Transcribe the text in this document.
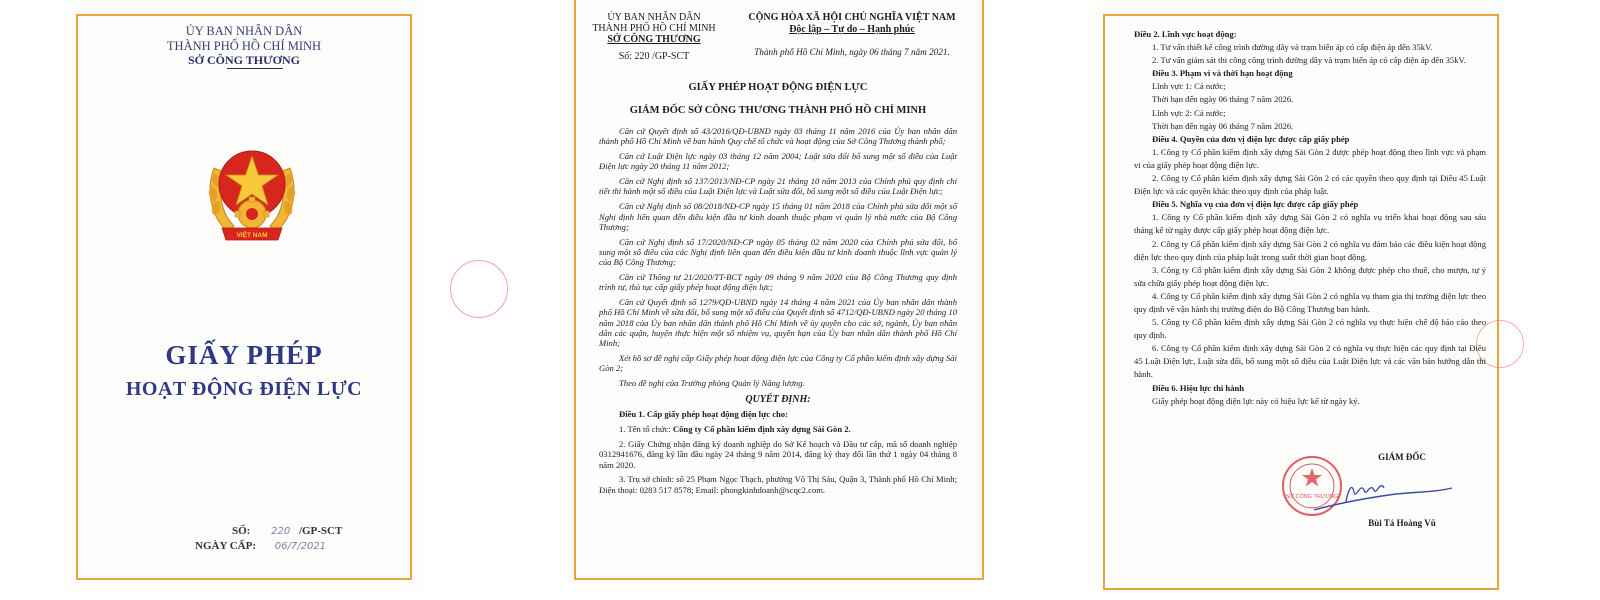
ỦY BAN NHÂN DÂN
THÀNH PHỐ HỒ CHÍ MINH
SỞ CÔNG THƯƠNG
VIỆT NAM
GIẤY PHÉP
HOẠT ĐỘNG ĐIỆN LỰC
SỐ: 220 /GP-SCT
NGÀY CẤP: 06/7/2021
ỦY BAN NHÂN DÂN
THÀNH PHỐ HỒ CHÍ MINH
SỞ CÔNG THƯƠNG
Số: 220 /GP-SCT
CỘNG HÒA XÃ HỘI CHỦ NGHĨA VIỆT NAM
Độc lập – Tự do – Hạnh phúc
Thành phố Hồ Chí Minh, ngày 06 tháng 7 năm 2021.
GIẤY PHÉP HOẠT ĐỘNG ĐIỆN LỰC
GIÁM ĐỐC SỞ CÔNG THƯƠNG THÀNH PHỐ HỒ CHÍ MINH

Căn cứ Quyết định số 43/2016/QĐ-UBND ngày 03 tháng 11 năm 2016 của Ủy ban nhân dân thành phố Hồ Chí Minh về ban hành Quy chế tổ chức và hoạt động của Sở Công Thương thành phố;

Căn cứ Luật Điện lực ngày 03 tháng 12 năm 2004; Luật sửa đổi bổ sung một số điều của Luật Điện lực ngày 20 tháng 11 năm 2012;

Căn cứ Nghị định số 137/2013/NĐ-CP ngày 21 tháng 10 năm 2013 của Chính phủ quy định chi tiết thi hành một số điều của Luật Điện lực và Luật sửa đổi, bổ sung một số điều của Luật Điện lực;

Căn cứ Nghị định số 08/2018/NĐ-CP ngày 15 tháng 01 năm 2018 của Chính phủ sửa đổi một số Nghị định liên quan đến điều kiện đầu tư kinh doanh thuộc phạm vi quản lý nhà nước của Bộ Công Thương;

Căn cứ Nghị định số 17/2020/NĐ-CP ngày 05 tháng 02 năm 2020 của Chính phủ sửa đổi, bổ sung một số điều của các Nghị định liên quan đến điều kiện đầu tư kinh doanh thuộc lĩnh vực quản lý của Bộ Công Thương;

Căn cứ Thông tư 21/2020/TT-BCT ngày 09 tháng 9 năm 2020 của Bộ Công Thương quy định trình tự, thủ tục cấp giấy phép hoạt động điện lực;

Căn cứ Quyết định số 1279/QĐ-UBND ngày 14 tháng 4 năm 2021 của Ủy ban nhân dân thành phố Hồ Chí Minh về sửa đổi, bổ sung một số điều của Quyết định số 4712/QĐ-UBND ngày 20 tháng 10 năm 2018 của Ủy ban nhân dân thành phố Hồ Chí Minh về ủy quyền cho các sở, ngành, Ủy ban nhân dân các quận, huyện thực hiện một số nhiệm vụ, quyền hạn của Ủy ban nhân dân thành phố Hồ Chí Minh;

Xét hồ sơ đề nghị cấp Giấy phép hoạt động điện lực của Công ty Cổ phần kiểm định xây dựng Sài Gòn 2;

Theo đề nghị của Trưởng phòng Quản lý Năng lượng.

QUYẾT ĐỊNH:

Điều 1. Cấp giấy phép hoạt động điện lực cho:

1. Tên tổ chức: Công ty Cổ phần kiểm định xây dựng Sài Gòn 2.

2. Giấy Chứng nhận đăng ký doanh nghiệp do Sở Kế hoạch và Đầu tư cấp, mã số doanh nghiệp 0312941676, đăng ký lần đầu ngày 24 tháng 9 năm 2014, đăng ký thay đổi lần thứ 1 ngày 04 tháng 8 năm 2020.

3. Trụ sở chính: số 25 Phạm Ngọc Thạch, phường Võ Thị Sáu, Quận 3, Thành phố Hồ Chí Minh; Điện thoại: 0283 517 8578; Email: phongkinhdoanh@scqc2.com.

Điều 2. Lĩnh vực hoạt động:

1. Tư vấn thiết kế công trình đường dây và trạm biến áp có cấp điện áp đến 35kV.

2. Tư vấn giám sát thi công công trình đường dây và trạm biến áp có cấp điện áp đến 35kV.

Điều 3. Phạm vi và thời hạn hoạt động

Lĩnh vực 1: Cả nước;

Thời hạn đến ngày 06 tháng 7 năm 2026.

Lĩnh vực 2: Cả nước;

Thời hạn đến ngày 06 tháng 7 năm 2026.

Điều 4. Quyền của đơn vị điện lực được cấp giấy phép

1. Công ty Cổ phần kiểm định xây dựng Sài Gòn 2 được phép hoạt động theo lĩnh vực và phạm vi của giấy phép hoạt động điện lực.

2. Công ty Cổ phần kiểm định xây dựng Sài Gòn 2 có các quyền theo quy định tại Điều 45 Luật Điện lực và các quyền khác theo quy định của pháp luật.

Điều 5. Nghĩa vụ của đơn vị điện lực được cấp giấy phép

1. Công ty Cổ phần kiểm định xây dựng Sài Gòn 2 có nghĩa vụ triển khai hoạt động sau sáu tháng kể từ ngày được cấp giấy phép hoạt động điện lực.

2. Công ty Cổ phần kiểm định xây dựng Sài Gòn 2 có nghĩa vụ đảm bảo các điều kiện hoạt động điện lực theo quy định của pháp luật trong suốt thời gian hoạt động.

3. Công ty Cổ phần kiểm định xây dựng Sài Gòn 2 không được phép cho thuê, cho mượn, tự ý sửa chữa giấy phép hoạt động điện lực.

4. Công ty Cổ phần kiểm định xây dựng Sài Gòn 2 có nghĩa vụ tham gia thị trường điện lực theo quy định về vận hành thị trường điện do Bộ Công Thương ban hành.

5. Công ty Cổ phần kiểm định xây dựng Sài Gòn 2 có nghĩa vụ thực hiện chế độ báo cáo theo quy định.

6. Công ty Cổ phần kiểm định xây dựng Sài Gòn 2 có nghĩa vụ thực hiện các quy định tại Điều 45 Luật Điện lực, Luật sửa đổi, bổ sung một số điều của Luật Điện lực và các văn bản hướng dẫn thi hành.

Điều 6. Hiệu lực thi hành

Giấy phép hoạt động điện lực này có hiệu lực kể từ ngày ký.

GIÁM ĐỐC
SỞ CÔNG THƯƠNG
Bùi Tá Hoàng Vũ
